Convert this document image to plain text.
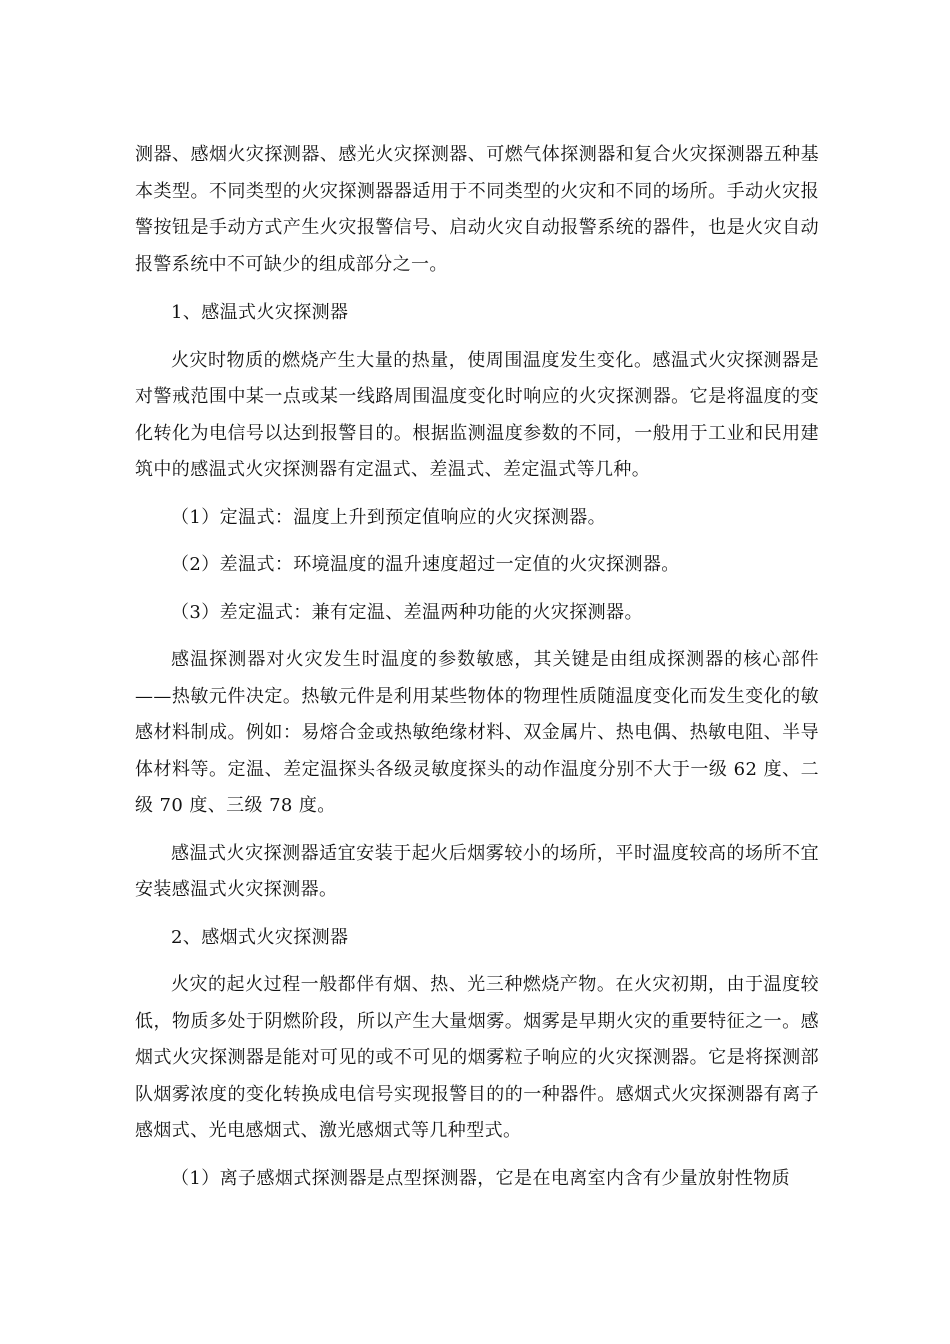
测器、感烟火灾探测器、感光火灾探测器、可燃气体探测器和复合火灾探测器五种基本类型。不同类型的火灾探测器器适用于不同类型的火灾和不同的场所。手动火灾报警按钮是手动方式产生火灾报警信号、启动火灾自动报警系统的器件，也是火灾自动报警系统中不可缺少的组成部分之一。

1、感温式火灾探测器

火灾时物质的燃烧产生大量的热量，使周围温度发生变化。感温式火灾探测器是对警戒范围中某一点或某一线路周围温度变化时响应的火灾探测器。它是将温度的变化转化为电信号以达到报警目的。根据监测温度参数的不同，一般用于工业和民用建筑中的感温式火灾探测器有定温式、差温式、差定温式等几种。

（1）定温式：温度上升到预定值响应的火灾探测器。

（2）差温式：环境温度的温升速度超过一定值的火灾探测器。

（3）差定温式：兼有定温、差温两种功能的火灾探测器。

感温探测器对火灾发生时温度的参数敏感，其关键是由组成探测器的核心部件——热敏元件决定。热敏元件是利用某些物体的物理性质随温度变化而发生变化的敏感材料制成。例如：易熔合金或热敏绝缘材料、双金属片、热电偶、热敏电阻、半导体材料等。定温、差定温探头各级灵敏度探头的动作温度分别不大于一级 62 度、二级 70 度、三级 78 度。

感温式火灾探测器适宜安装于起火后烟雾较小的场所，平时温度较高的场所不宜安装感温式火灾探测器。

2、感烟式火灾探测器

火灾的起火过程一般都伴有烟、热、光三种燃烧产物。在火灾初期，由于温度较低，物质多处于阴燃阶段，所以产生大量烟雾。烟雾是早期火灾的重要特征之一。感烟式火灾探测器是能对可见的或不可见的烟雾粒子响应的火灾探测器。它是将探测部队烟雾浓度的变化转换成电信号实现报警目的的一种器件。感烟式火灾探测器有离子感烟式、光电感烟式、激光感烟式等几种型式。

（1）离子感烟式探测器是点型探测器，它是在电离室内含有少量放射性物质
